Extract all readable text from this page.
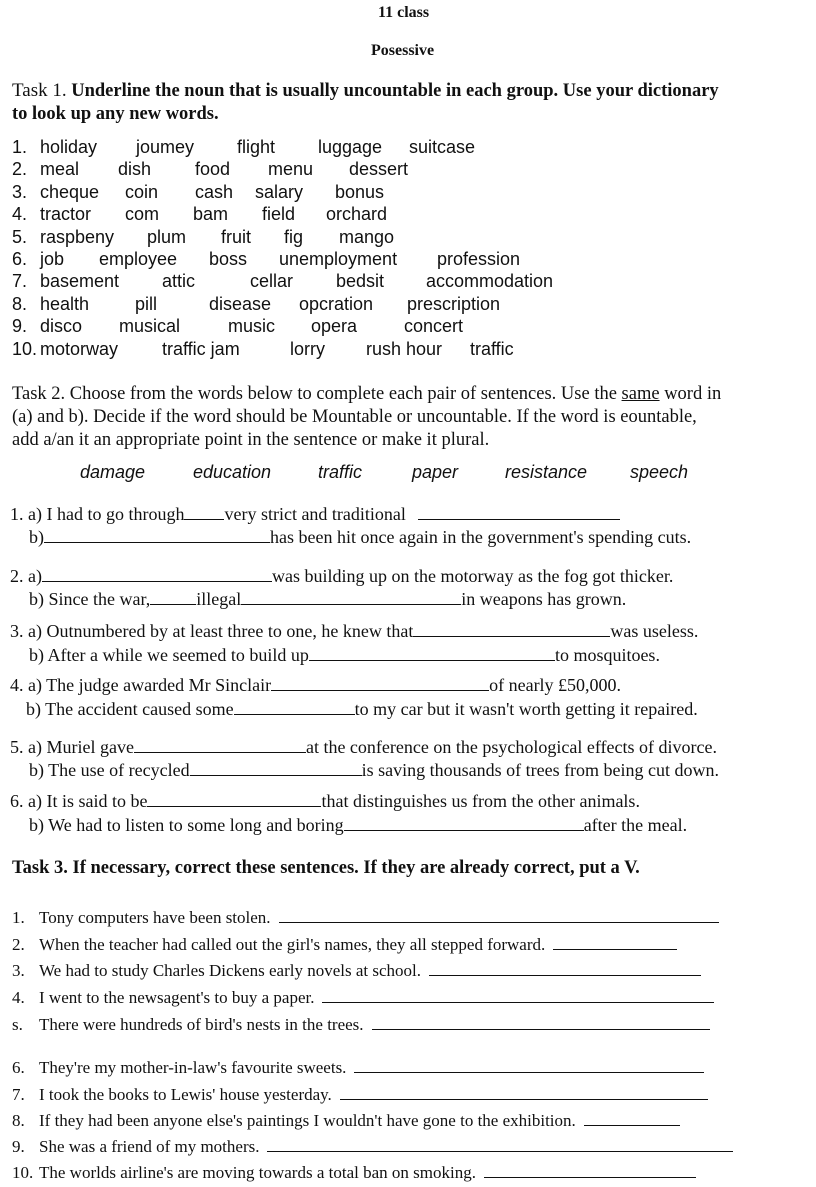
11 class
Posessive
Task 1. Underline the noun that is usually uncountable in each group. Use your dictionary
to look up any new words.
1. holiday joumey flight luggage suitcase
2. meal dish food menu dessert
3. cheque coin cash salary bonus
4. tractor com bam field orchard
5. raspbeny plum fruit fig mango
6. job employee boss unemployment profession
7. basement attic	cellar bedsit accommodation
8. health	pill	disease opcration prescription
9. disco musical	music opera	concert
10. motorway traffic jam	lorry rush hour traffic
Task 2. Choose from the words below to complete each pair of sentences. Use the same word in
(a) and b). Decide if the word should be Mountable or uncountable. If the word is eountable,
add a/an it an appropriate point in the sentence or make it plural.
damage	education	traffic	paper	resistance speech
1. a) I had to go through very strict and traditional
b)	has been hit once again in the government's spending cuts.
2. a)	was building up on the motorway as the fog got thicker.
b) Since the war,	illegal	in weapons has grown.
3. a) Outnumbered by at least three to one, he knew that	was useless.
b) After a while we seemed to build up	to mosquitoes.
4. a) The judge awarded Mr Sinclair	of nearly £50,000.
b) The accident caused some	to my car but it wasn't worth getting it repaired.
5. a) Muriel gave	at the conference on the psychological effects of divorce.
b) The use of recycled	is saving thousands of trees from being cut down.
6. a) It is said to be	that distinguishes us from the other animals.
b) We had to listen to some long and boring	after the meal.
Task 3. If necessary, correct these sentences. If they are already correct, put a V.
1. Tony computers have been stolen.
2. When the teacher had called out the girl's names, they all stepped forward.
3. We had to study Charles Dickens early novels at school.
4. I went to the newsagent's to buy a paper.
s. There were hundreds of bird's nests in the trees.
6. They're my mother-in-law's favourite sweets.
7. I took the books to Lewis' house yesterday.
8. If they had been anyone else's paintings I wouldn't have gone to the exhibition.
9. She was a friend of my mothers.
10. The worlds airline's are moving towards a total ban on smoking.
